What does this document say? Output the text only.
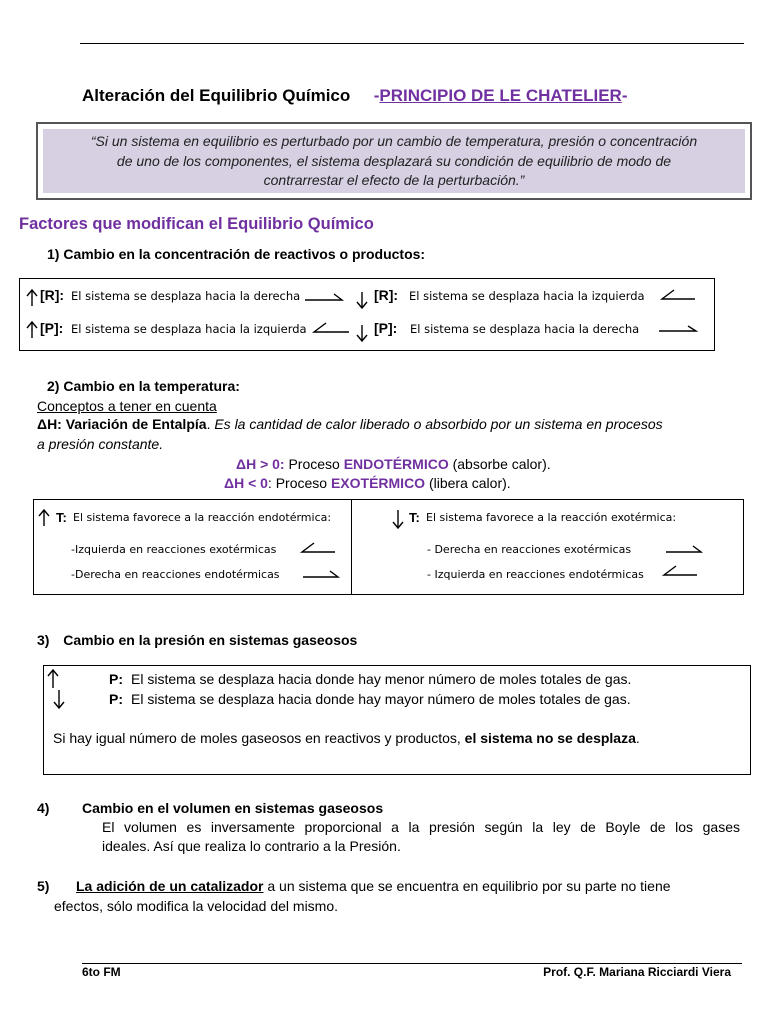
Alteración del Equilibrio Químico -PRINCIPIO DE LE CHATELIER-
“Si un sistema en equilibrio es perturbado por un cambio de temperatura, presión o concentración
de uno de los componentes, el sistema desplazará su condición de equilibrio de modo de
contrarrestar el efecto de la perturbación.”
Factores que modifican el Equilibrio Químico
1) Cambio en la concentración de reactivos o productos:
[R]: El sistema se desplaza hacia la derecha	[R]: El sistema se desplaza hacia la izquierda
[P]: El sistema se desplaza hacia la izquierda	[P]: El sistema se desplaza hacia la derecha
2) Cambio en la temperatura:
Conceptos a tener en cuenta
ΔH: Variación de Entalpía. Es la cantidad de calor liberado o absorbido por un sistema en procesos
a presión constante.
ΔH > 0: Proceso ENDOTÉRMICO (absorbe calor).
ΔH < 0: Proceso EXOTÉRMICO (libera calor).
T: El sistema favorece a la reacción endotérmica:
-Izquierda en reacciones exotérmicas
-Derecha en reacciones endotérmicas
T: El sistema favorece a la reacción exotérmica:
- Derecha en reacciones exotérmicas
- Izquierda en reacciones endotérmicas
3) Cambio en la presión en sistemas gaseosos
P: El sistema se desplaza hacia donde hay menor número de moles totales de gas.
P: El sistema se desplaza hacia donde hay mayor número de moles totales de gas.
Si hay igual número de moles gaseosos en reactivos y productos, el sistema no se desplaza.
4) Cambio en el volumen en sistemas gaseosos
El volumen es inversamente proporcional a la presión según la ley de Boyle de los gases
ideales. Así que realiza lo contrario a la Presión.
5) La adición de un catalizador a un sistema que se encuentra en equilibrio por su parte no tiene
efectos, sólo modifica la velocidad del mismo.
6to FM	Prof. Q.F. Mariana Ricciardi Viera
